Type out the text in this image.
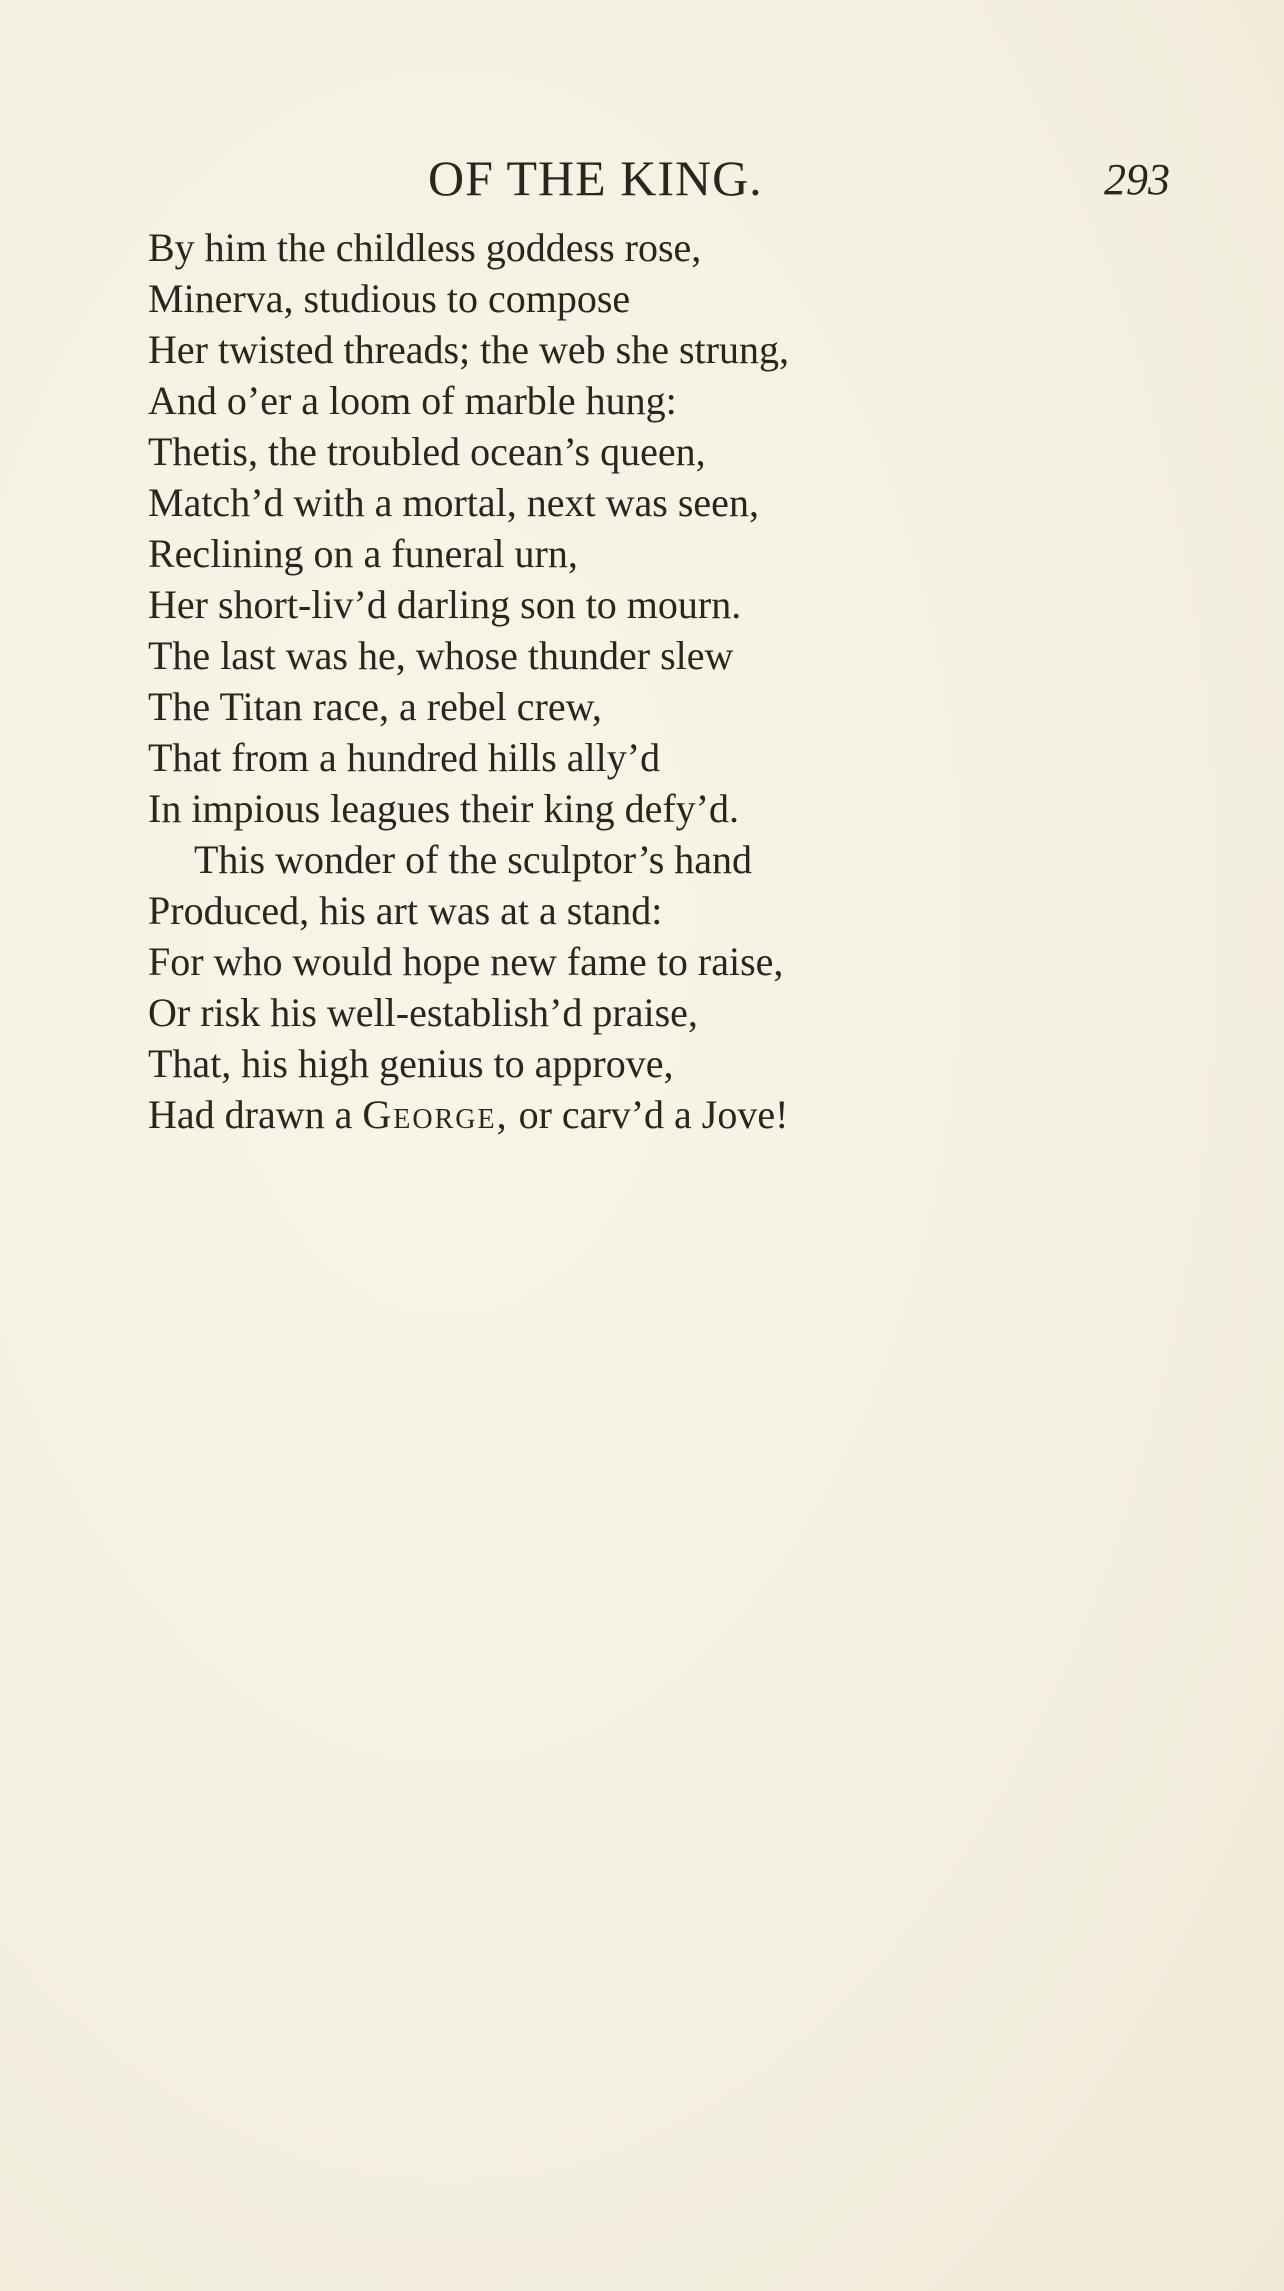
OF THE KING.	293
By him the childless goddess rose,
Minerva, studious to compose
Her twisted threads; the web she strung,
And o’er a loom of marble hung:
Thetis, the troubled ocean’s queen,
Match’d with a mortal, next was seen,
Reclining on a funeral urn,
Her short-liv’d darling son to mourn.
The last was he, whose thunder slew
The Titan race, a rebel crew,
That from a hundred hills ally’d
In impious leagues their king defy’d.
This wonder of the sculptor’s hand
Produced, his art was at a stand:
For who would hope new fame to raise,
Or risk his well-establish’d praise,
That, his high genius to approve,
Had drawn a George, or carv’d a Jove!
